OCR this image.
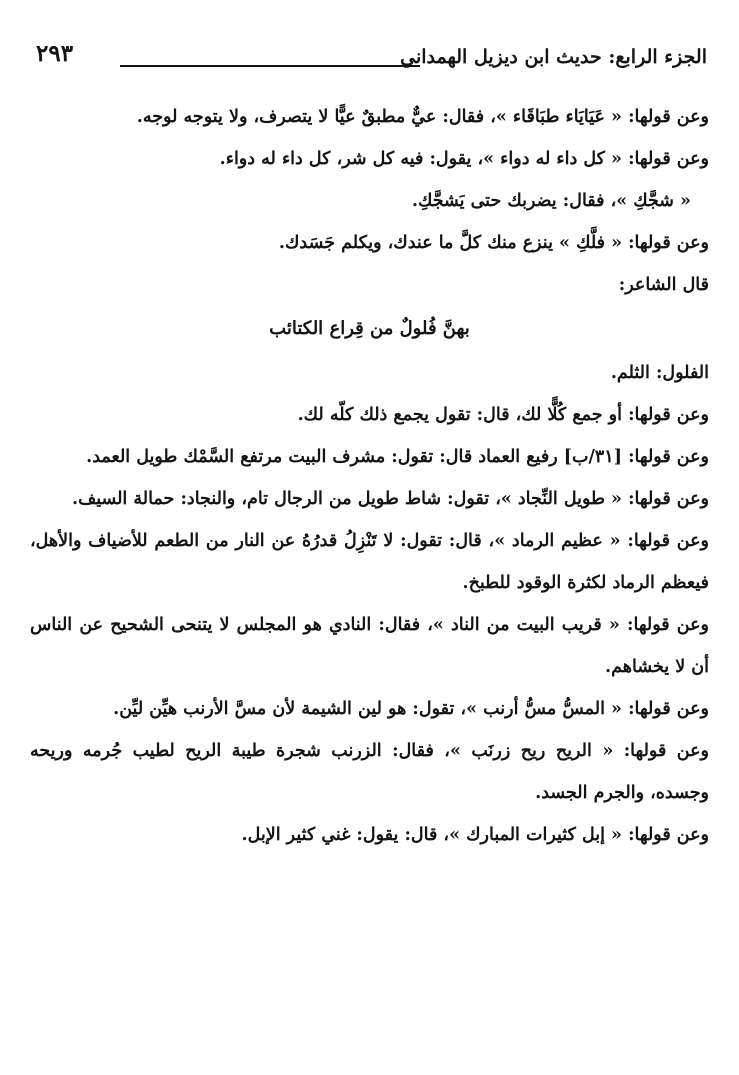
الجزء الرابع: حديث ابن ديزيل الهمداني
٢٩٣

وعن قولها: « عَيَايَاء طبَاقَاء »، فقال: عيٌّ مطبقٌ عيًّا لا يتصرف، ولا يتوجه لوجه.

وعن قولها: « كل داء له دواء »، يقول: فيه كل شر، كل داء له دواء.

« شجَّكِ »، فقال: يضربك حتى يَشجَّكِ.

وعن قولها: « فلَّكِ » ينزع منك كلَّ ما عندك، ويكلم جَسَدك.

قال الشاعر:

بهنَّ فُلولٌ من قِراع الكتائب

الفلول: الثلم.

وعن قولها: أو جمع كُلًّا لك، قال: تقول يجمع ذلك كلّه لك.

وعن قولها: [٣١/ب] رفيع العماد قال: تقول: مشرف البيت مرتفع السَّمْك طويل العمد.

وعن قولها: « طويل النِّجاد »، تقول: شاط طويل من الرجال تام، والنجاد: حمالة السيف.

وعن قولها: « عظيم الرماد »، قال: تقول: لا تَنْزِلُ قدرُهُ عن النار من الطعم للأضياف والأهل، فيعظم الرماد لكثرة الوقود للطبخ.

وعن قولها: « قريب البيت من الناد »، فقال: النادي هو المجلس لا يتنحى الشحيح عن الناس أن لا يخشاهم.

وعن قولها: « المسُّ مسُّ أرنب »، تقول: هو لين الشيمة لأن مسَّ الأرنب هيِّن ليِّن.

وعن قولها: « الريح ريح زرنَب »، فقال: الزرنب شجرة طيبة الريح لطيب جُرمه وريحه وجسده، والجرم الجسد.

وعن قولها: « إبل كثيرات المبارك »، قال: يقول: غني كثير الإبل.
